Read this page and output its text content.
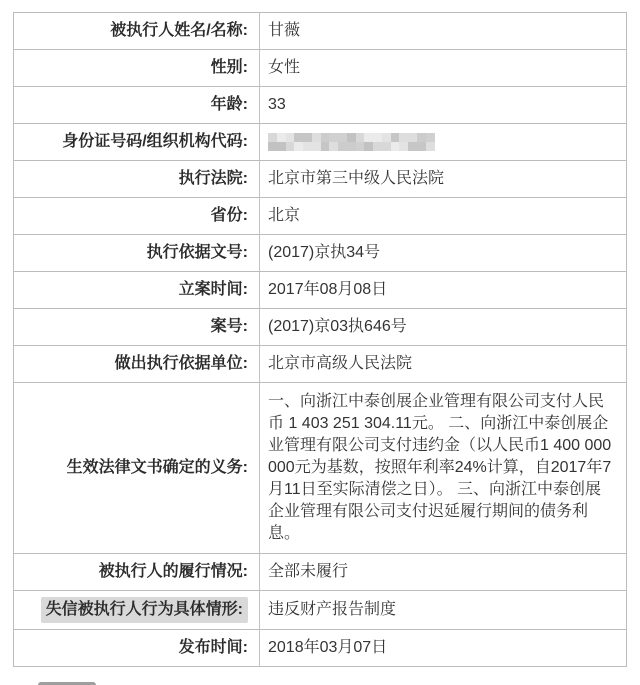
被执行人姓名/名称: 甘薇
性别: 女性
年龄: 33
身份证号码/组织机构代码:
执行法院: 北京市第三中级人民法院
省份: 北京
执行依据文号: (2017)京执34号
立案时间: 2017年08月08日
案号: (2017)京03执646号
做出执行依据单位: 北京市高级人民法院
生效法律文书确定的义务:
一、向浙江中泰创展企业管理有限公司支付人民币 1 403 251 304.11元。 二、向浙江中泰创展企业管理有限公司支付违约金（以人民币1 400 000 000元为基数，按照年利率24%计算，自2017年7月11日至实际清偿之日）。 三、向浙江中泰创展企业管理有限公司支付迟延履行期间的债务利息。
被执行人的履行情况: 全部未履行
失信被执行人行为具体情形:	违反财产报告制度
发布时间: 2018年03月07日
